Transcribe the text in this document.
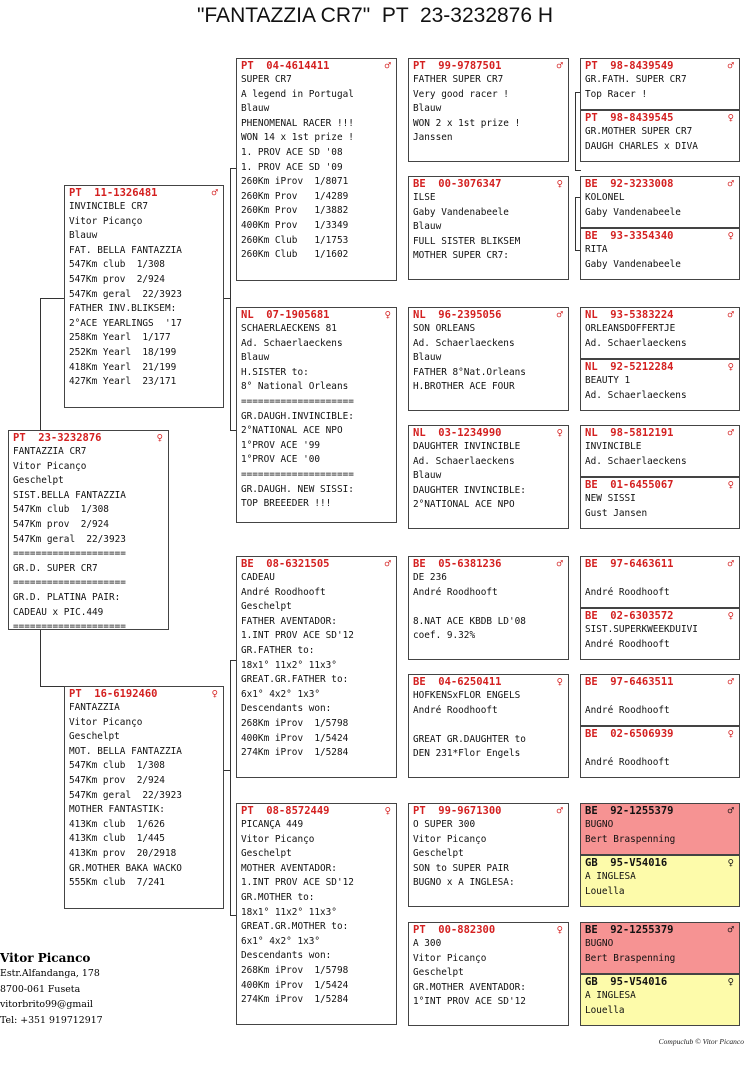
"FANTAZZIA CR7"  PT  23-3232876 H
PT  23-3232876	♀
FANTAZZIA CR7
Vitor Picanço
Geschelpt
SIST.BELLA FANTAZZIA
547Km club  1/308
547Km prov  2/924
547Km geral  22/3923
====================
GR.D. SUPER CR7
====================
GR.D. PLATINA PAIR:
CADEAU x PIC.449
====================
PT  11-1326481	♂
INVINCIBLE CR7
Vitor Picanço
Blauw
FAT. BELLA FANTAZZIA
547Km club  1/308
547Km prov  2/924
547Km geral  22/3923
FATHER INV.BLIKSEM:
2°ACE YEARLINGS  '17
258Km Yearl  1/177
252Km Yearl  18/199
418Km Yearl  21/199
427Km Yearl  23/171
PT  16-6192460	♀
FANTAZZIA
Vitor Picanço
Geschelpt
MOT. BELLA FANTAZZIA
547Km club  1/308
547Km prov  2/924
547Km geral  22/3923
MOTHER FANTASTIK:
413Km club  1/626
413Km club  1/445
413Km prov  20/2918
GR.MOTHER BAKA WACKO
555Km club  7/241
PT  04-4614411	♂
SUPER CR7
A legend in Portugal
Blauw
PHENOMENAL RACER !!!
WON 14 x 1st prize !
1. PROV ACE SD '08
1. PROV ACE SD '09
260Km iProv  1/8071
260Km Prov   1/4289
260Km Prov   1/3882
400Km Prov   1/3349
260Km Club   1/1753
260Km Club   1/1602
NL  07-1905681	♀
SCHAERLAECKENS 81
Ad. Schaerlaeckens
Blauw
H.SISTER to:
8° National Orleans
====================
GR.DAUGH.INVINCIBLE:
2°NATIONAL ACE NPO
1°PROV ACE '99
1°PROV ACE '00
====================
GR.DAUGH. NEW SISSI:
TOP BREEEDER !!!
BE  08-6321505	♂
CADEAU
André Roodhooft
Geschelpt
FATHER AVENTADOR:
1.INT PROV ACE SD'12
GR.FATHER to:
18x1° 11x2° 11x3°
GREAT.GR.FATHER to:
6x1° 4x2° 1x3°
Descendants won:
268Km iProv  1/5798
400Km iProv  1/5424
274Km iProv  1/5284
PT  08-8572449	♀
PICANÇA 449
Vitor Picanço
Geschelpt
MOTHER AVENTADOR:
1.INT PROV ACE SD'12
GR.MOTHER to:
18x1° 11x2° 11x3°
GREAT.GR.MOTHER to:
6x1° 4x2° 1x3°
Descendants won:
268Km iProv  1/5798
400Km iProv  1/5424
274Km iProv  1/5284
PT  99-9787501	♂
FATHER SUPER CR7
Very good racer !
Blauw
WON 2 x 1st prize !
Janssen
BE  00-3076347	♀
ILSE
Gaby Vandenabeele
Blauw
FULL SISTER BLIKSEM
MOTHER SUPER CR7:
NL  96-2395056	♂
SON ORLEANS
Ad. Schaerlaeckens
Blauw
FATHER 8°Nat.Orleans
H.BROTHER ACE FOUR
NL  03-1234990	♀
DAUGHTER INVINCIBLE
Ad. Schaerlaeckens
Blauw
DAUGHTER INVINCIBLE:
2°NATIONAL ACE NPO
BE  05-6381236	♂
DE 236
André Roodhooft
8.NAT ACE KBDB LD'08
coef. 9.32%
BE  04-6250411	♀
HOFKENSxFLOR ENGELS
André Roodhooft
GREAT GR.DAUGHTER to
DEN 231*Flor Engels
PT  99-9671300	♂
O SUPER 300
Vitor Picanço
Geschelpt
SON to SUPER PAIR
BUGNO x A INGLESA:
PT  00-882300	♀
A 300
Vitor Picanço
Geschelpt
GR.MOTHER AVENTADOR:
1°INT PROV ACE SD'12
PT  98-8439549	♂
GR.FATH. SUPER CR7
Top Racer !
PT  98-8439545	♀
GR.MOTHER SUPER CR7
DAUGH CHARLES x DIVA
BE  92-3233008	♂
KOLONEL
Gaby Vandenabeele
BE  93-3354340	♀
RITA
Gaby Vandenabeele
NL  93-5383224	♂
ORLEANSDOFFERTJE
Ad. Schaerlaeckens
NL  92-5212284	♀
BEAUTY 1
Ad. Schaerlaeckens
NL  98-5812191	♂
INVINCIBLE
Ad. Schaerlaeckens
BE  01-6455067	♀
NEW SISSI
Gust Jansen
BE  97-6463611	♂
André Roodhooft
BE  02-6303572	♀
SIST.SUPERKWEEKDUIVI
André Roodhooft
BE  97-6463511	♂
André Roodhooft
BE  02-6506939	♀
André Roodhooft
BE  92-1255379	♂
BUGNO
Bert Braspenning
GB  95-V54016	♀
A INGLESA
Louella
BE  92-1255379	♂
BUGNO
Bert Braspenning
GB  95-V54016	♀
A INGLESA
Louella
Vitor Picanco
Estr.Alfandanga, 178
8700-061 Fuseta
vitorbrito99@gmail
Tel: +351 919712917
Compuclub © Vitor Picanco
